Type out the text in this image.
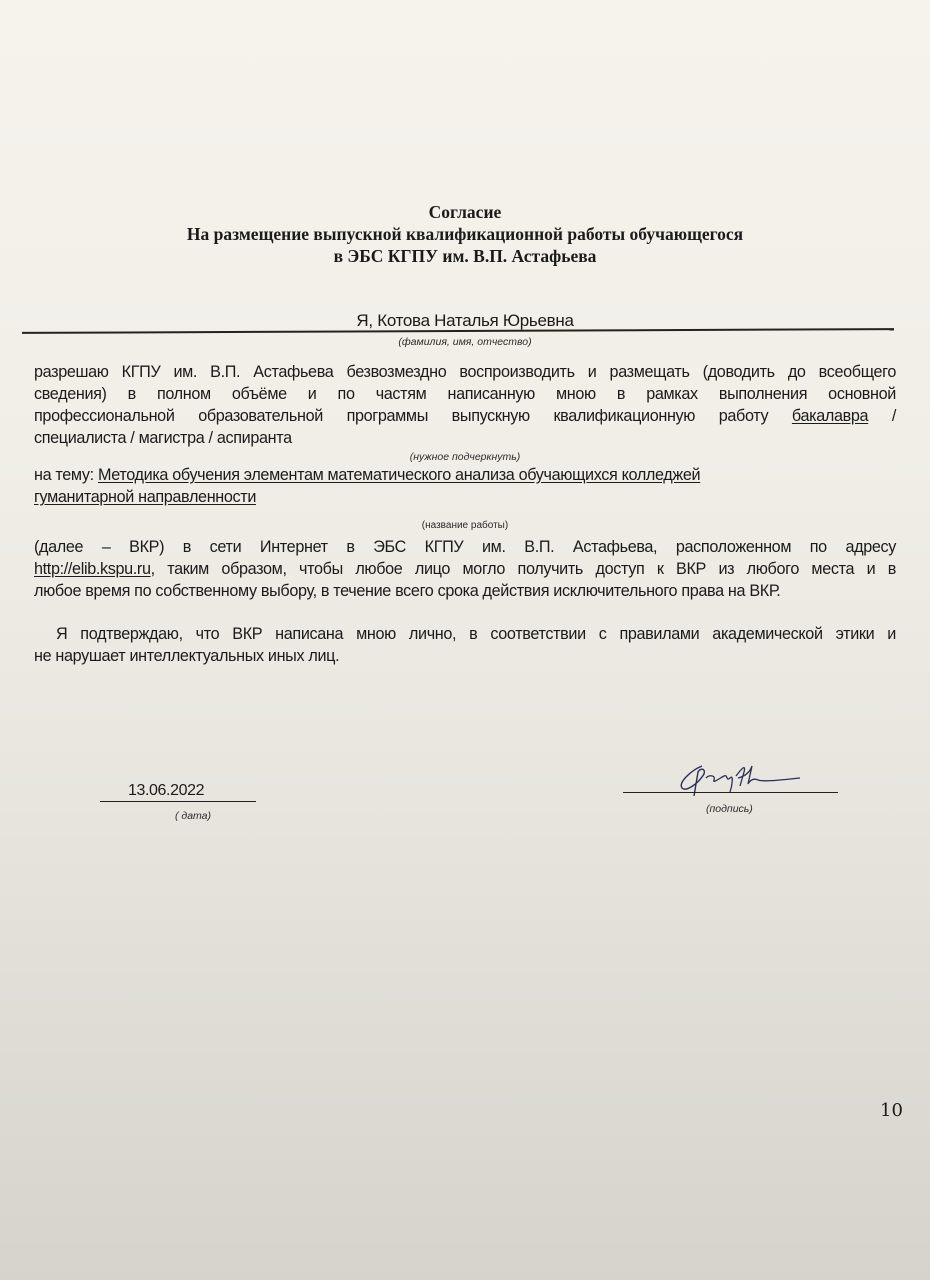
Согласие
На размещение выпускной квалификационной работы обучающегося
в ЭБС КГПУ им. В.П. Астафьева
Я, Котова Наталья Юрьевна
(фамилия, имя, отчество)
разрешаю КГПУ им. В.П. Астафьева безвозмездно воспроизводить и размещать (доводить до всеобщего
сведения) в полном объёме и по частям написанную мною в рамках выполнения основной
профессиональной образовательной программы выпускную квалификационную работу бакалавра /
специалиста / магистра / аспиранта
(нужное подчеркнуть)
на тему: Методика обучения элементам математического анализа обучающихся колледжей
гуманитарной направленности
(название работы)
(далее – ВКР) в сети Интернет в ЭБС КГПУ им. В.П. Астафьева, расположенном по адресу
http://elib.kspu.ru, таким образом, чтобы любое лицо могло получить доступ к ВКР из любого места и в
любое время по собственному выбору, в течение всего срока действия исключительного права на ВКР.
Я подтверждаю, что ВКР написана мною лично, в соответствии с правилами академической этики и
не нарушает интеллектуальных иных лиц.
13.06.2022
( дата)
(подпись)
10
